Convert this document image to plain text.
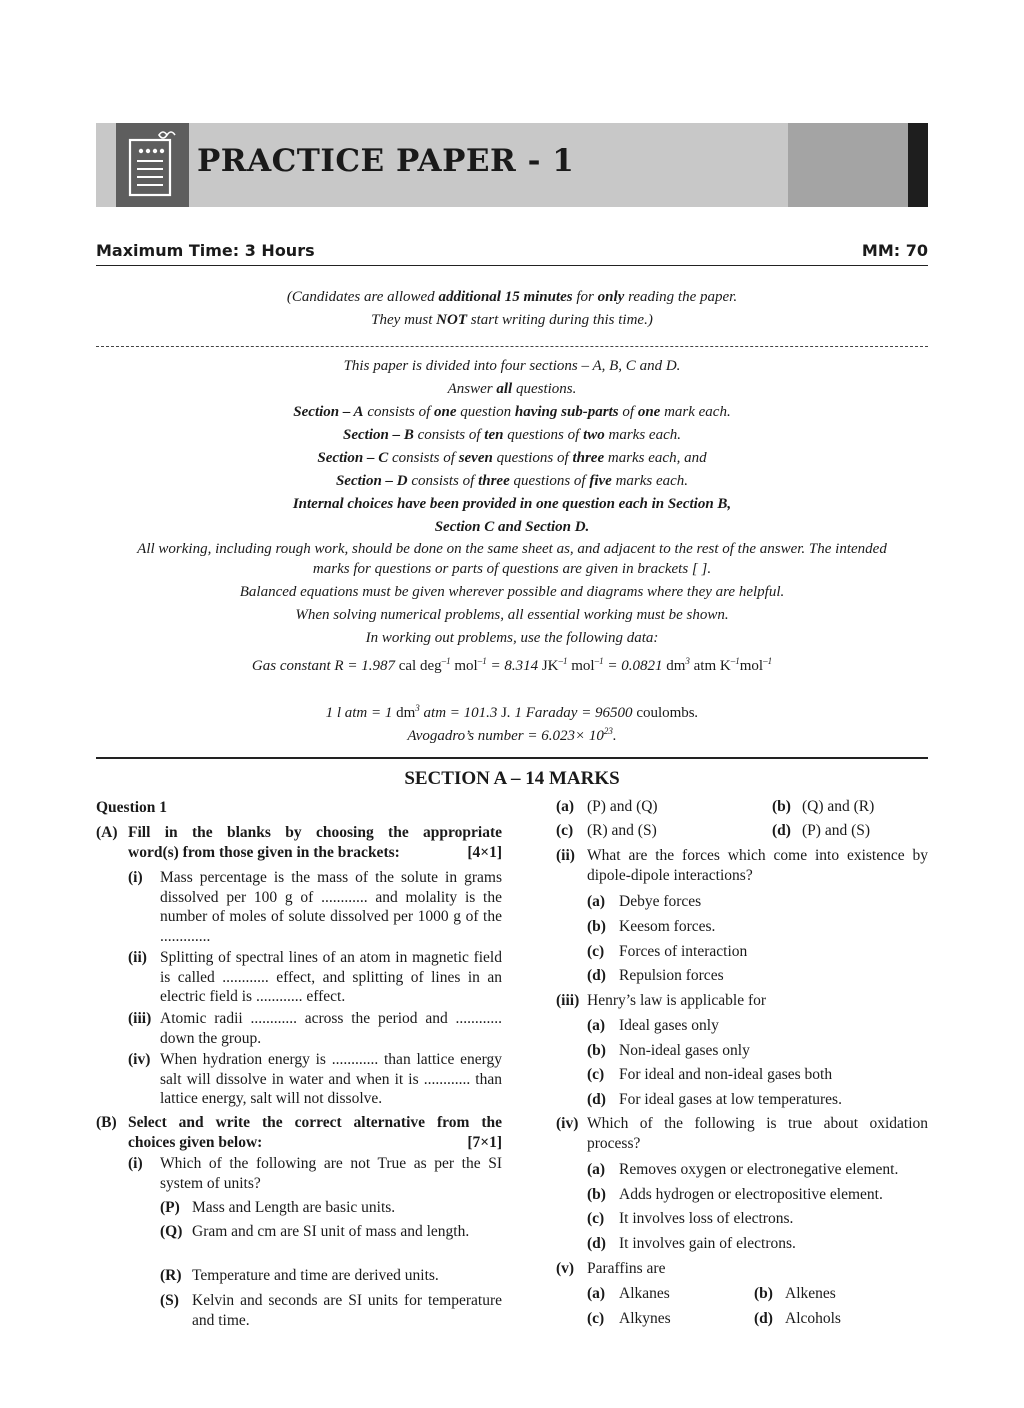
PRACTICE PAPER - 1
Maximum Time: 3 Hours	MM: 70
(Candidates are allowed additional 15 minutes for only reading the paper.
They must NOT start writing during this time.)
This paper is divided into four sections – A, B, C and D.
Answer all questions.
Section – A consists of one question having sub-parts of one mark each.
Section – B consists of ten questions of two marks each.
Section – C consists of seven questions of three marks each, and
Section – D consists of three questions of five marks each.
Internal choices have been provided in one question each in Section B,
Section C and Section D.
All working, including rough work, should be done on the same sheet as, and adjacent to the rest of the answer. The intended
marks for questions or parts of questions are given in brackets [ ].
Balanced equations must be given wherever possible and diagrams where they are helpful.
When solving numerical problems, all essential working must be shown.
In working out problems, use the following data:
Gas constant R = 1.987 cal deg$^{-1}$ mol$^{-1}$ = 8.314 $JK^{-1}$ mol$^{-1}$ = 0.0821 $dm^3$ atm $K^{-1}mol^{-1}$
1 l atm = 1 $dm^3$ atm = 101.3 J. 1 Faraday = 96500 coulombs.
Avogadro’s number = $6.023\times 10^{23}$.
SECTION A – 14 MARKS
Question 1
(A) Fill in the blanks by choosing the appropriate
word(s) from those given in the brackets:	[4×1]
(i) Mass percentage is the mass of the solute in grams dissolved per 100 g of ............ and molality is the number of moles of solute dissolved per 1000 g of the .............
(ii) Splitting of spectral lines of an atom in magnetic field is called ............ effect, and splitting of lines in an electric field is ............ effect.
(iii) Atomic radii ............ across the period and ............ down the group.
(iv) When hydration energy is ............ than lattice energy salt will dissolve in water and when it is ............ than lattice energy, salt will not dissolve.
(B) Select and write the correct alternative from the
choices given below:	[7×1]
(i) Which of the following are not True as per the SI system of units?
(P) Mass and Length are basic units.
(Q) Gram and cm are SI unit of mass and length.
(R) Temperature and time are derived units.
(S) Kelvin and seconds are SI units for temperature and time.
(a) (P) and (Q)	(b) (Q) and (R)
(c) (R) and (S)	(d) (P) and (S)
(ii) What are the forces which come into existence by dipole-dipole interactions?
(a) Debye forces
(b) Keesom forces.
(c) Forces of interaction
(d) Repulsion forces
(iii) Henry’s law is applicable for
(a) Ideal gases only
(b) Non-ideal gases only
(c) For ideal and non-ideal gases both
(d) For ideal gases at low temperatures.
(iv) Which of the following is true about oxidation process?
(a) Removes oxygen or electronegative element.
(b) Adds hydrogen or electropositive element.
(c) It involves loss of electrons.
(d) It involves gain of electrons.
(v) Paraffins are
(a) Alkanes	(b) Alkenes
(c) Alkynes	(d) Alcohols
